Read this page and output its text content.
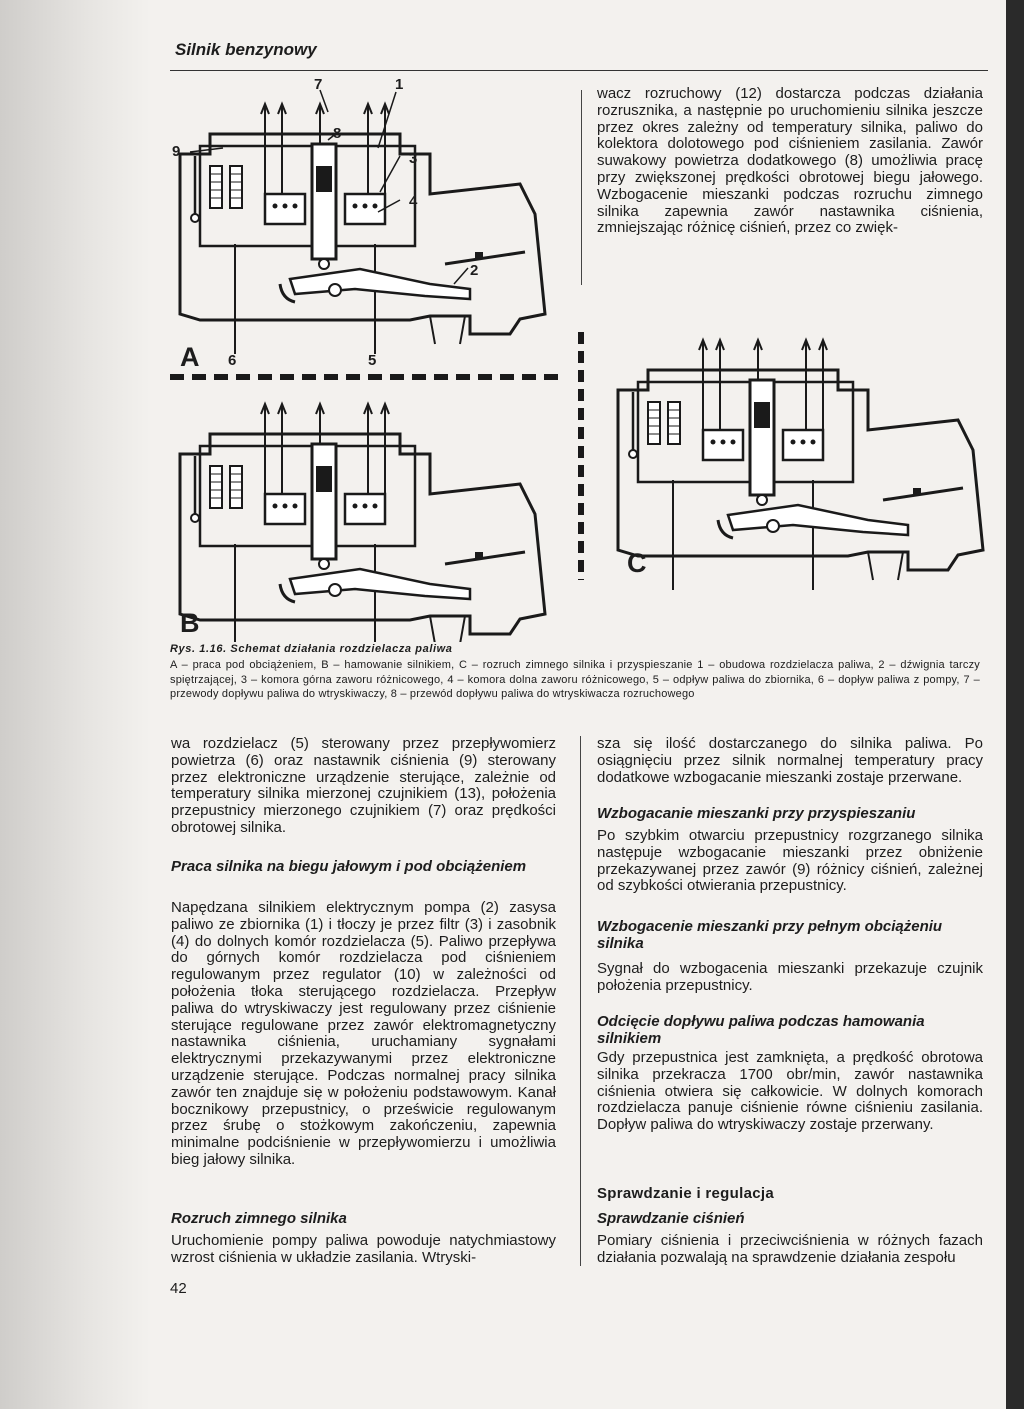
Silnik benzynowy
wacz rozruchowy (12) dostarcza podczas działania rozrusznika, a następnie po uruchomieniu silnika jeszcze przez okres zależny od temperatury silnika, paliwo do kolektora dolotowego pod ciśnieniem zasilania. Zawór suwakowy powietrza dodatkowego (8) umożliwia pracę przy zwiększonej prędkości obrotowej biegu jałowego. Wzbogacenie mieszanki podczas rozruchu zimnego silnika zapewnia zawór nastawnika ciśnienia, zmniejszając różnicę ciśnień, przez co zwięk-
A
B
C
1
2
3
4
5
6
7
8
9
Rys. 1.16. Schemat działania rozdzielacza paliwa
A – praca pod obciążeniem, B – hamowanie silnikiem, C – rozruch zimnego silnika i przyspieszanie 1 – obudowa rozdzielacza paliwa, 2 – dźwignia tarczy spiętrzającej, 3 – komora górna zaworu różnicowego, 4 – komora dolna zaworu różnicowego, 5 – odpływ paliwa do zbiornika, 6 – dopływ paliwa z pompy, 7 – przewody dopływu paliwa do wtryskiwaczy, 8 – przewód dopływu paliwa do wtryskiwacza rozruchowego
wa rozdzielacz (5) sterowany przez przepływomierz powietrza (6) oraz nastawnik ciśnienia (9) sterowany przez elektroniczne urządzenie sterujące, zależnie od temperatury silnika mierzonej czujnikiem (13), położenia przepustnicy mierzonego czujnikiem (7) oraz prędkości obrotowej silnika.
Praca silnika na biegu jałowym i pod obciążeniem
Napędzana silnikiem elektrycznym pompa (2) zasysa paliwo ze zbiornika (1) i tłoczy je przez filtr (3) i zasobnik (4) do dolnych komór rozdzielacza (5). Paliwo przepływa do górnych komór rozdzielacza pod ciśnieniem regulowanym przez regulator (10) w zależności od położenia tłoka sterującego rozdzielacza. Przepływ paliwa do wtryskiwaczy jest regulowany przez ciśnienie sterujące regulowane przez zawór elektromagnetyczny nastawnika ciśnienia, uruchamiany sygnałami elektrycznymi przekazywanymi przez elektroniczne urządzenie sterujące. Podczas normalnej pracy silnika zawór ten znajduje się w położeniu podstawowym. Kanał bocznikowy przepustnicy, o prześwicie regulowanym przez śrubę o stożkowym zakończeniu, zapewnia minimalne podciśnienie w przepływomierzu i umożliwia bieg jałowy silnika.
Rozruch zimnego silnika
Uruchomienie pompy paliwa powoduje natychmiastowy wzrost ciśnienia w układzie zasilania. Wtryski-
sza się ilość dostarczanego do silnika paliwa. Po osiągnięciu przez silnik normalnej temperatury pracy dodatkowe wzbogacanie mieszanki zostaje przerwane.
Wzbogacanie mieszanki przy przyspieszaniu
Po szybkim otwarciu przepustnicy rozgrzanego silnika następuje wzbogacanie mieszanki przez obniżenie przekazywanej przez zawór (9) różnicy ciśnień, zależnej od szybkości otwierania przepustnicy.
Wzbogacenie mieszanki przy pełnym obciążeniu silnika
Sygnał do wzbogacenia mieszanki przekazuje czujnik położenia przepustnicy.
Odcięcie dopływu paliwa podczas hamowania silnikiem
Gdy przepustnica jest zamknięta, a prędkość obrotowa silnika przekracza 1700 obr/min, zawór nastawnika ciśnienia otwiera się całkowicie. W dolnych komorach rozdzielacza panuje ciśnienie równe ciśnieniu zasilania. Dopływ paliwa do wtryskiwaczy zostaje przerwany.
Sprawdzanie i regulacja
Sprawdzanie ciśnień
Pomiary ciśnienia i przeciwciśnienia w różnych fazach działania pozwalają na sprawdzenie działania zespołu
42
